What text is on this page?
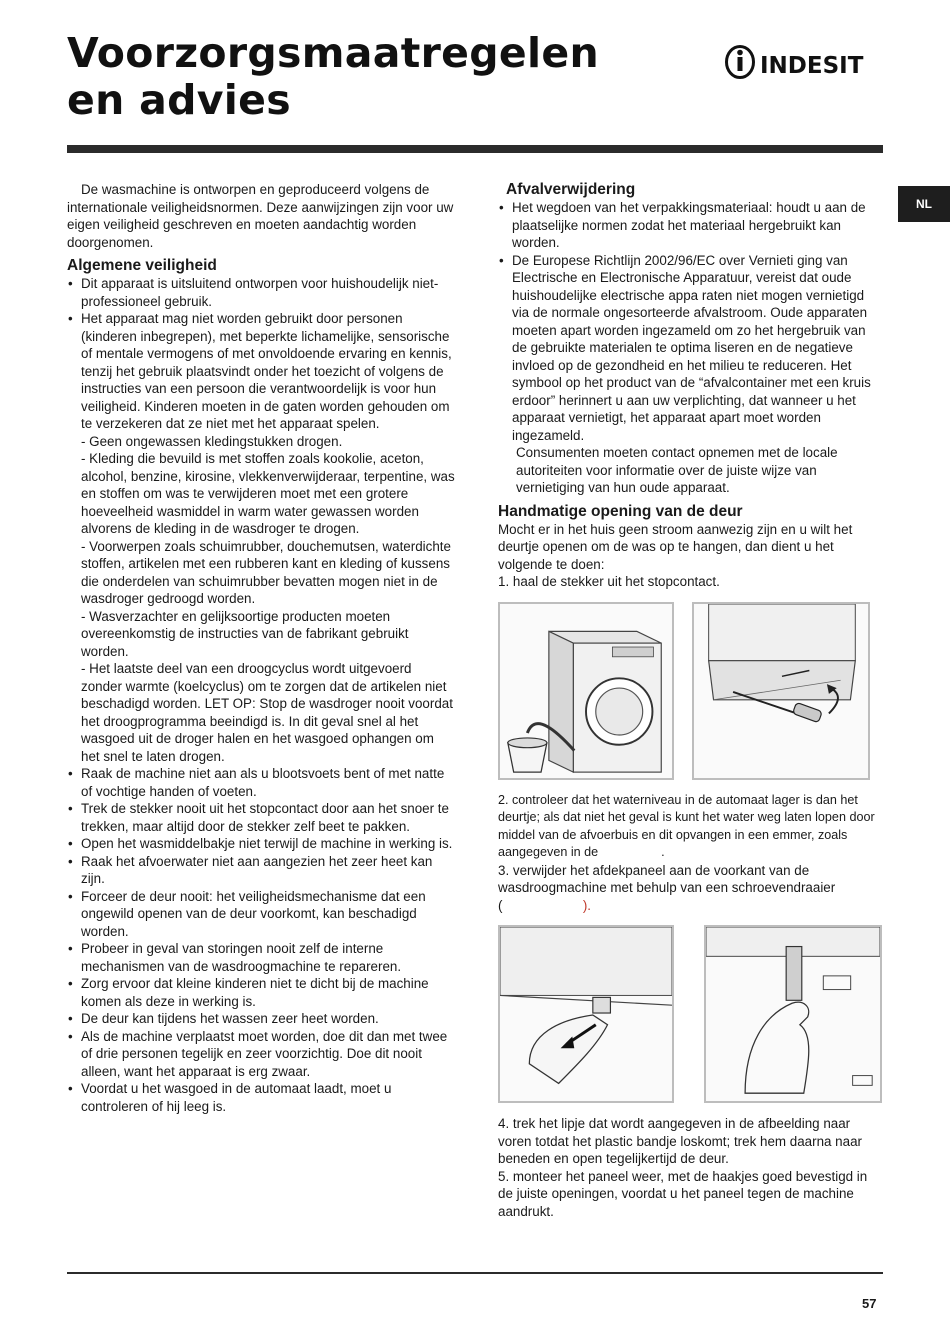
Voorzorgsmaatregelen
en advies
INDESIT
NL

De wasmachine is ontworpen en geproduceerd volgens de internationale veiligheidsnormen. Deze aanwijzingen zijn voor uw eigen veiligheid geschreven en moeten aandachtig worden doorgenomen.

Algemene veiligheid
• Dit apparaat is uitsluitend ontworpen voor huishoudelijk niet-professioneel gebruik.
• Het apparaat mag niet worden gebruikt door personen (kinderen inbegrepen), met beperkte lichamelijke, sensorische of mentale vermogens of met onvoldoende ervaring en kennis, tenzij het gebruik plaatsvindt onder het toezicht of volgens de instructies van een persoon die verantwoordelijk is voor hun veiligheid. Kinderen moeten in de gaten worden gehouden om te verzekeren dat ze niet met het apparaat spelen.
- Geen ongewassen kledingstukken drogen.
- Kleding die bevuild is met stoffen zoals kookolie, aceton, alcohol, benzine, kirosine, vlekkenverwijderaar, terpentine, was en stoffen om was te verwijderen moet met een grotere hoeveelheid wasmiddel in warm water gewassen worden alvorens de kleding in de wasdroger te drogen.
- Voorwerpen zoals schuimrubber, douchemutsen, waterdichte stoffen, artikelen met een rubberen kant en kleding of kussens die onderdelen van schuimrubber bevatten mogen niet in de wasdroger gedroogd worden.
- Wasverzachter en gelijksoortige producten moeten overeenkomstig de instructies van de fabrikant gebruikt worden.
- Het laatste deel van een droogcyclus wordt uitgevoerd zonder warmte (koelcyclus) om te zorgen dat de artikelen niet beschadigd worden. LET OP: Stop de wasdroger nooit voordat het droogprogramma beeindigd is. In dit geval snel al het wasgoed uit de droger halen en het wasgoed ophangen om het snel te laten drogen.
• Raak de machine niet aan als u blootsvoets bent of met natte of vochtige handen of voeten.
• Trek de stekker nooit uit het stopcontact door aan het snoer te trekken, maar altijd door de stekker zelf beet te pakken.
• Open het wasmiddelbakje niet terwijl de machine in werking is.
• Raak het afvoerwater niet aan aangezien het zeer heet kan zijn.
• Forceer de deur nooit: het veiligheidsmechanisme dat een ongewild openen van de deur voorkomt, kan beschadigd worden.
• Probeer in geval van storingen nooit zelf de interne mechanismen van de wasdroogmachine te repareren.
• Zorg ervoor dat kleine kinderen niet te dicht bij de machine komen als deze in werking is.
• De deur kan tijdens het wassen zeer heet worden.
• Als de machine verplaatst moet worden, doe dit dan met twee of drie personen tegelijk en zeer voorzichtig. Doe dit nooit alleen, want het apparaat is erg zwaar.
• Voordat u het wasgoed in de automaat laadt, moet u controleren of hij leeg is.
Afvalverwijdering
• Het wegdoen van het verpakkingsmateriaal: houdt u aan de plaatselijke normen zodat het materiaal hergebruikt kan worden.
• De Europese Richtlijn 2002/96/EC over Vernieti ging van Electrische en Electronische Apparatuur, vereist dat oude huishoudelijke electrische appa raten niet mogen vernietigd via de normale ongesorteerde afvalstroom. Oude apparaten moeten apart worden ingezameld om zo het hergebruik van de gebruikte materialen te optima liseren en de negatieve invloed op de gezondheid en het milieu te reduceren. Het symbool op het product van de “afvalcontainer met een kruis erdoor” herinnert u aan uw verplichting, dat wanneer u het apparaat vernietigt, het apparaat apart moet worden ingezameld.
Consumenten moeten contact opnemen met de locale autoriteiten voor informatie over de juiste wijze van vernietiging van hun oude apparaat.
Handmatige opening van de deur

Mocht er in het huis geen stroom aanwezig zijn en u wilt het deurtje openen om de was op te hangen, dan dient u het volgende te doen:

1. haal de stekker uit het stopcontact.

2. controleer dat het waterniveau in de automaat lager is dan het deurtje; als dat niet het geval is kunt het water weg laten lopen door middel van de afvoerbuis en dit opvangen in een emmer, zoals aangegeven in de     	.

3. verwijder het afdekpaneel aan de voorkant van de wasdroogmachine met behulp van een schroevendraaier (      	).

4. trek het lipje dat wordt aangegeven in de afbeelding naar voren totdat het plastic bandje loskomt; trek hem daarna naar beneden en open tegelijkertijd de deur.

5. monteer het paneel weer, met de haakjes goed bevestigd in de juiste openingen, voordat u het paneel tegen de machine aandrukt.

57
